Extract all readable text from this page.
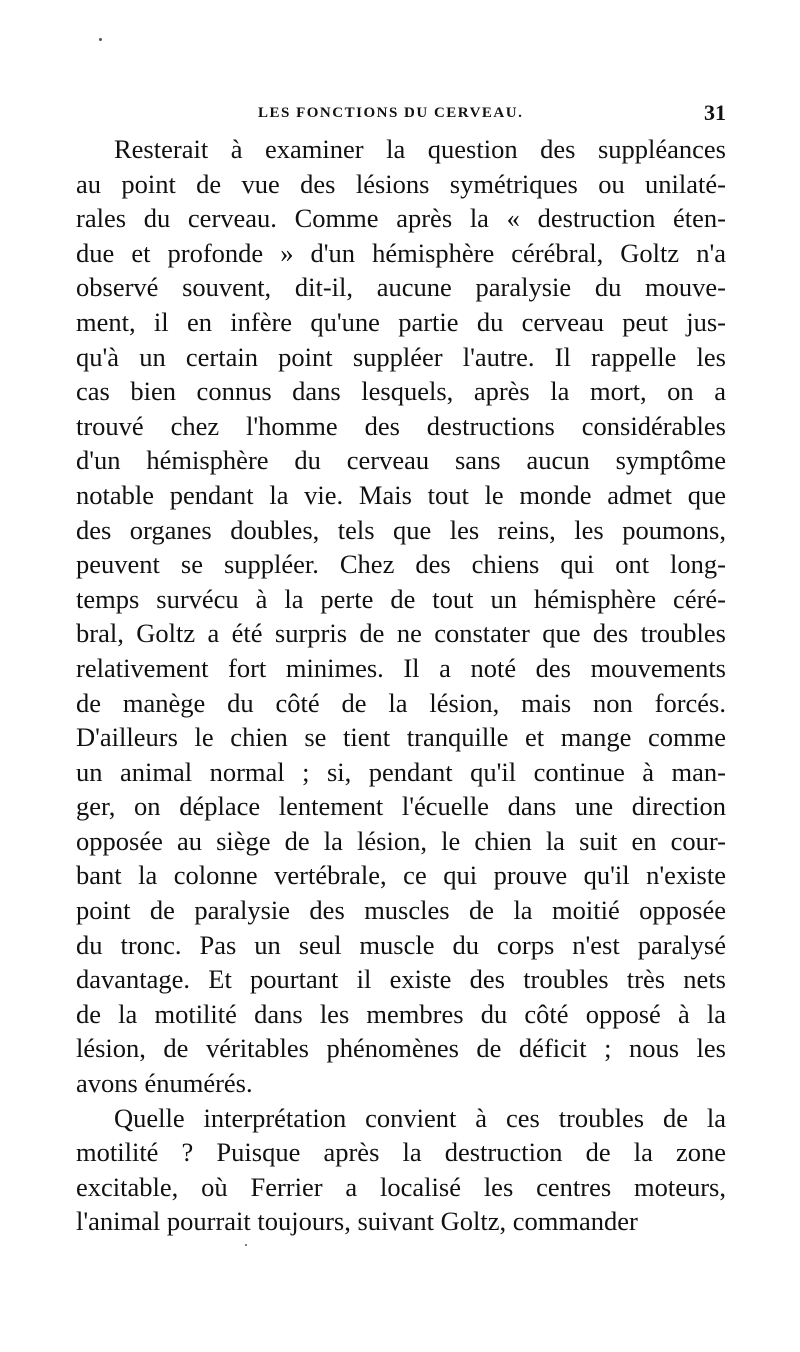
LES FONCTIONS DU CERVEAU.	31
Resterait à examiner la question des suppléances
au point de vue des lésions symétriques ou unilaté-
rales du cerveau. Comme après la « destruction éten-
due et profonde » d'un hémisphère cérébral, Goltz n'a
observé souvent, dit-il, aucune paralysie du mouve-
ment, il en infère qu'une partie du cerveau peut jus-
qu'à un certain point suppléer l'autre. Il rappelle les
cas bien connus dans lesquels, après la mort, on a
trouvé chez l'homme des destructions considérables
d'un hémisphère du cerveau sans aucun symptôme
notable pendant la vie. Mais tout le monde admet que
des organes doubles, tels que les reins, les poumons,
peuvent se suppléer. Chez des chiens qui ont long-
temps survécu à la perte de tout un hémisphère céré-
bral, Goltz a été surpris de ne constater que des troubles
relativement fort minimes. Il a noté des mouvements
de manège du côté de la lésion, mais non forcés.
D'ailleurs le chien se tient tranquille et mange comme
un animal normal ; si, pendant qu'il continue à man-
ger, on déplace lentement l'écuelle dans une direction
opposée au siège de la lésion, le chien la suit en cour-
bant la colonne vertébrale, ce qui prouve qu'il n'existe
point de paralysie des muscles de la moitié opposée
du tronc. Pas un seul muscle du corps n'est paralysé
davantage. Et pourtant il existe des troubles très nets
de la motilité dans les membres du côté opposé à la
lésion, de véritables phénomènes de déficit ; nous les
avons énumérés.
Quelle interprétation convient à ces troubles de la
motilité ? Puisque après la destruction de la zone
excitable, où Ferrier a localisé les centres moteurs,
l'animal pourrait toujours, suivant Goltz, commander
